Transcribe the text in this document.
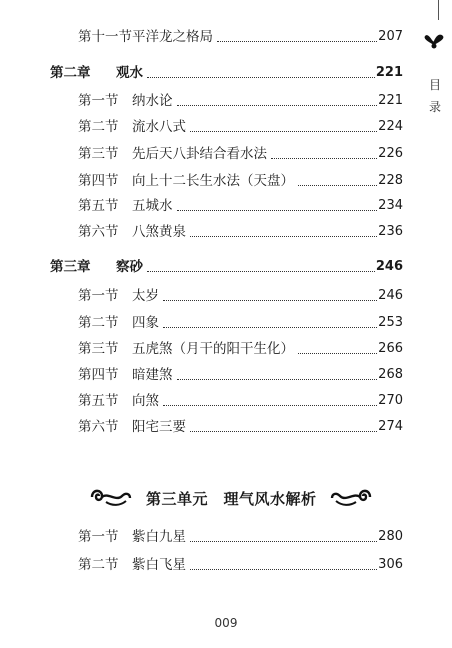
目
录
第十一节 平洋龙之格局	207
第二章	观水	221
第一节	纳水论	221
第二节	流水八式	224
第三节	先后天八卦结合看水法	226
第四节	向上十二长生水法（天盘）	228
第五节	五城水	234
第六节	八煞黄泉	236
第三章	察砂	246
第一节	太岁	246
第二节	四象	253
第三节	五虎煞（月干的阳干生化）	266
第四节	暗建煞	268
第五节	向煞	270
第六节	阳宅三要	274
第三单元　理气风水解析
第一节	紫白九星	280
第二节	紫白飞星	306
009
